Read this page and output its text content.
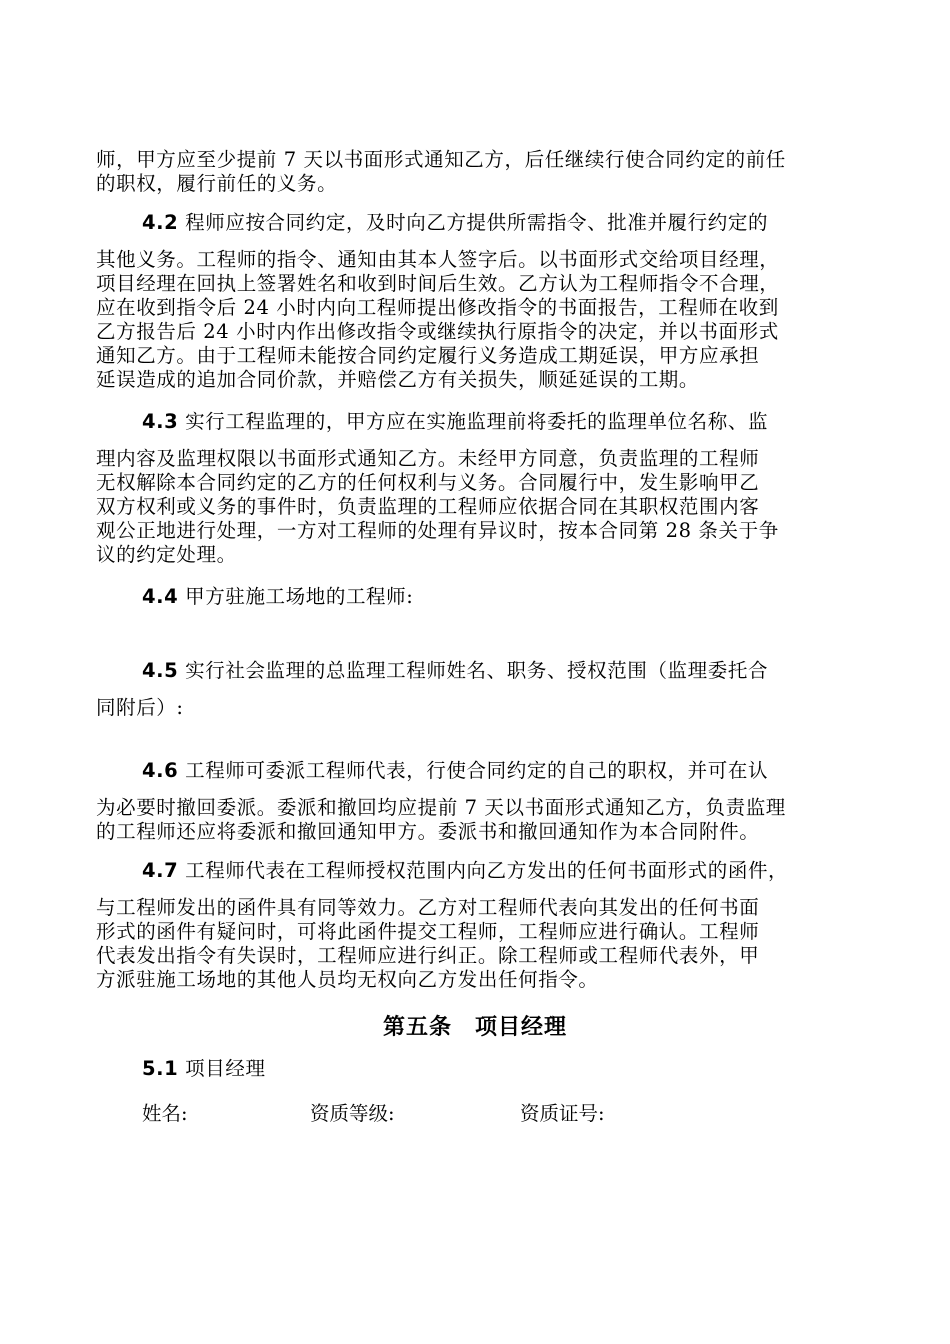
师，甲方应至少提前 7 天以书面形式通知乙方，后任继续行使合同约定的前任
的职权，履行前任的义务。

4.2 程师应按合同约定，及时向乙方提供所需指令、批准并履行约定的
其他义务。工程师的指令、通知由其本人签字后。以书面形式交给项目经理，
项目经理在回执上签署姓名和收到时间后生效。乙方认为工程师指令不合理，
应在收到指令后 24 小时内向工程师提出修改指令的书面报告，工程师在收到
乙方报告后 24 小时内作出修改指令或继续执行原指令的决定，并以书面形式
通知乙方。由于工程师未能按合同约定履行义务造成工期延误，甲方应承担
延误造成的追加合同价款，并赔偿乙方有关损失，顺延延误的工期。

4.3 实行工程监理的，甲方应在实施监理前将委托的监理单位名称、监
理内容及监理权限以书面形式通知乙方。未经甲方同意，负责监理的工程师
无权解除本合同约定的乙方的任何权利与义务。合同履行中，发生影响甲乙
双方权利或义务的事件时，负责监理的工程师应依据合同在其职权范围内客
观公正地进行处理，一方对工程师的处理有异议时，按本合同第 28 条关于争
议的约定处理。

4.4 甲方驻施工场地的工程师:

4.5 实行社会监理的总监理工程师姓名、职务、授权范围（监理委托合
同附后）:

4.6 工程师可委派工程师代表，行使合同约定的自己的职权，并可在认
为必要时撤回委派。委派和撤回均应提前 7 天以书面形式通知乙方，负责监理
的工程师还应将委派和撤回通知甲方。委派书和撤回通知作为本合同附件。

4.7 工程师代表在工程师授权范围内向乙方发出的任何书面形式的函件，
与工程师发出的函件具有同等效力。乙方对工程师代表向其发出的任何书面
形式的函件有疑问时，可将此函件提交工程师，工程师应进行确认。工程师
代表发出指令有失误时，工程师应进行纠正。除工程师或工程师代表外，甲
方派驻施工场地的其他人员均无权向乙方发出任何指令。

第五条　项目经理

5.1 项目经理

姓名:	资质等级:	资质证号:
